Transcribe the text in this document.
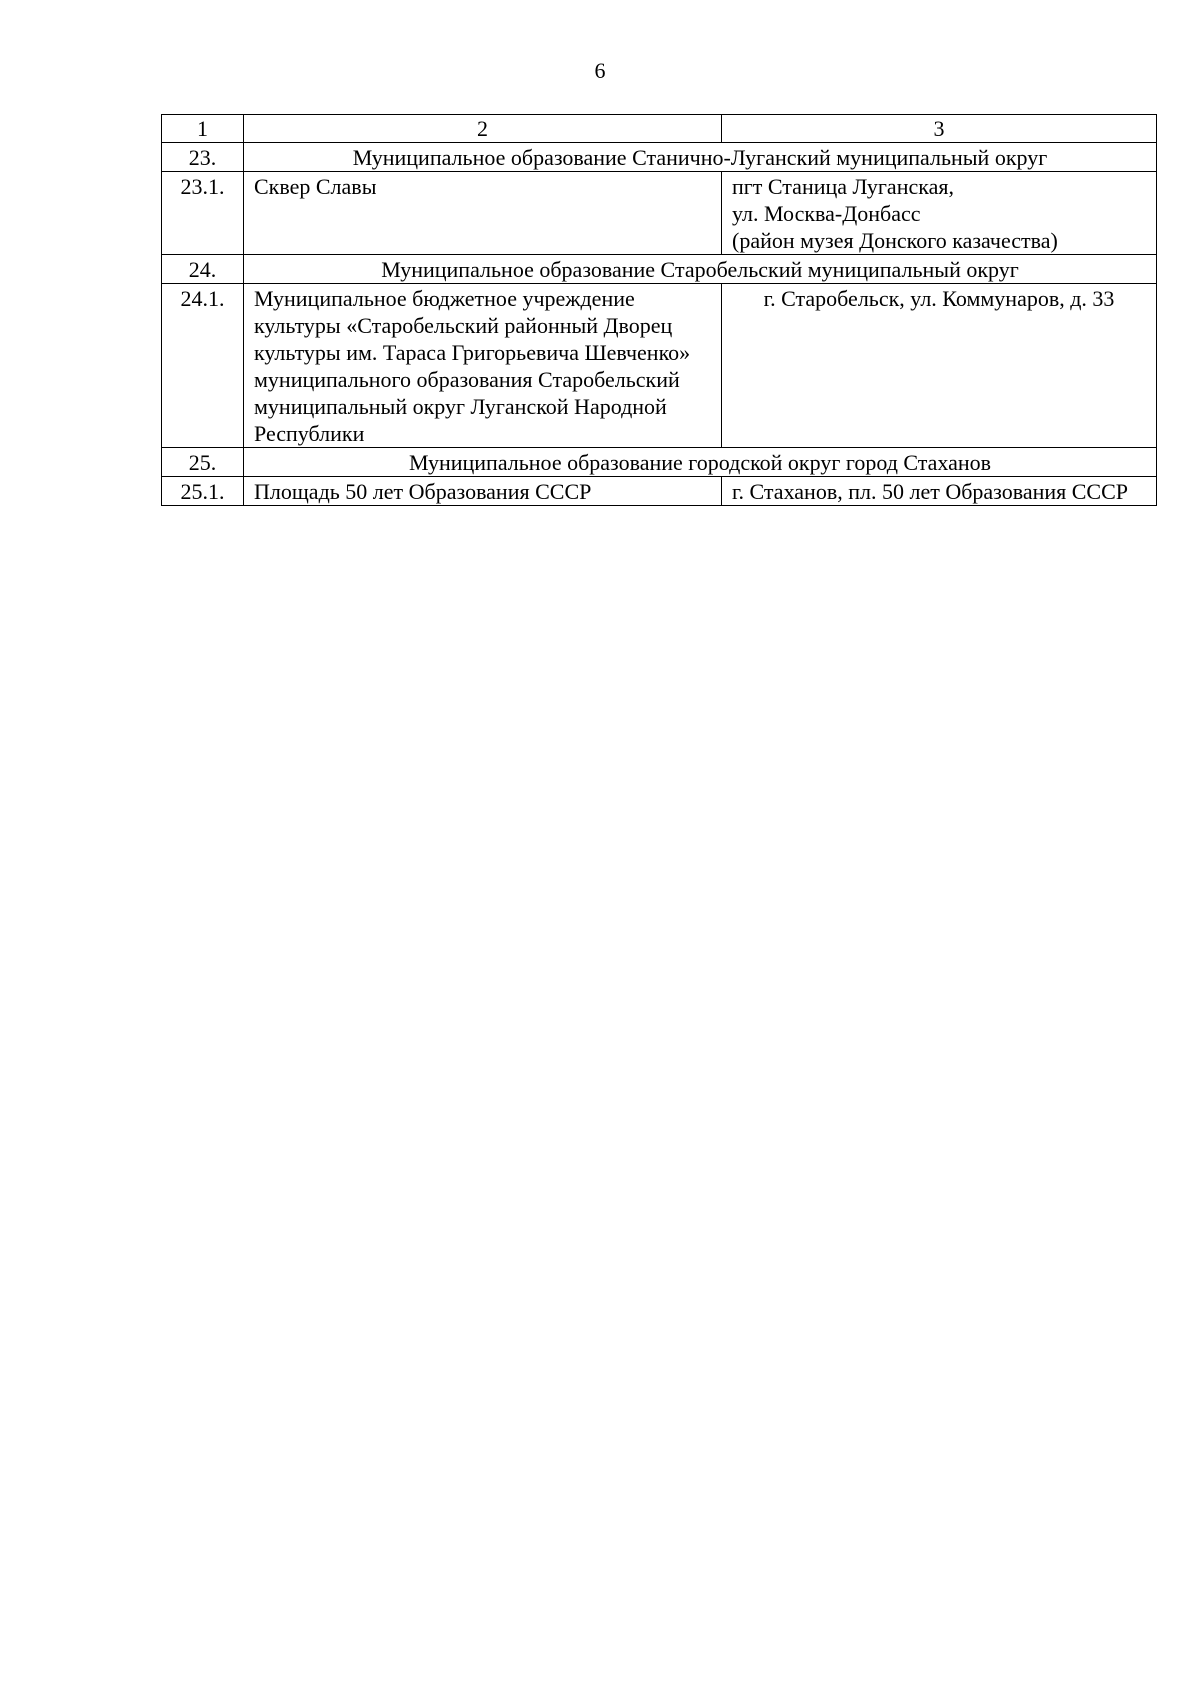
6
1	2	3
23.	Муниципальное образование Станично-Луганский муниципальный округ	
23.1.	Сквер Славы	пгт Станица Луганская,
ул. Москва-Донбасс
(район музея Донского казачества)

24.	Муниципальное образование Старобельский муниципальный округ	
24.1.	Муниципальное бюджетное учреждение культуры «Старобельский районный Дворец культуры им. Тараса Григорьевича Шевченко» муниципального образования Старобельский муниципальный округ Луганской Народной Республики	г. Старобельск, ул. Коммунаров, д. 33

25.	Муниципальное образование городской округ город Стаханов	
25.1.	Площадь 50 лет Образования СССР	г. Стаханов, пл. 50 лет Образования СССР
